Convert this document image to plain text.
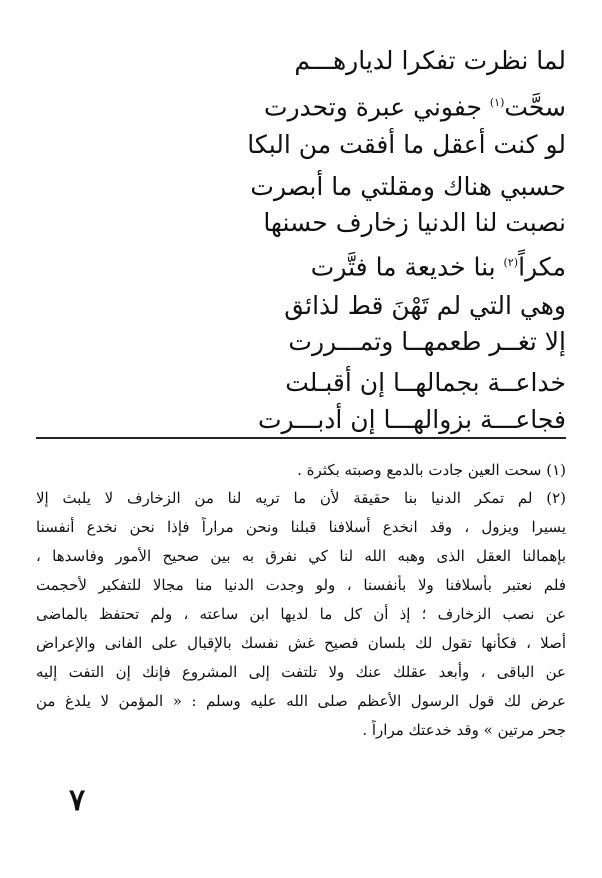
لما نظرت تفكرا لديارهـــم
سحَّت$^{(١)}$ جفوني عبرة وتحدرت
لو كنت أعقل ما أفقت من البكا
حسبي هناك ومقلتي ما أبصرت
نصبت لنا الدنيا زخارف حسنها
مكراً$^{(٢)}$ بنا خديعة ما فتَّرت
وهي التي لم تَهْنَ قط لذائق
إلا تغــر طعمهــا وتمـــررت
خداعــة بجمالهــا إن أقبـلت
فجاعـــة بزوالهـــا إن أدبـــرت
(١) سحت العين جادت بالدمع وصبته بكثرة .
(٢) لم تمكر الدنيا بنا حقيقة لأن ما تريه لنا من الزخارف لا يلبث إلا
يسيرا ويزول ، وقد انخدع أسلافنا قبلنا ونحن مراراً فإذا نحن نخدع أنفسنا
بإهمالنا العقل الذى وهبه الله لنا كي نفرق به بين صحيح الأمور وفاسدها ،
فلم نعتبر بأسلافنا ولا بأنفسنا ، ولو وجدت الدنيا منا مجالا للتفكير لأحجمت
عن نصب الزخارف ؛ إذ أن كل ما لديها ابن ساعته ، ولم تحتفظ بالماضى
أصلا ، فكأنها تقول لك بلسان فصيح غش نفسك بالإقبال على الفانى والإعراض
عن الباقى ، وأبعد عقلك عنك ولا تلتفت إلى المشروع فإنك إن التفت إليه
عرض لك قول الرسول الأعظم صلى الله عليه وسلم : « المؤمن لا يلدغ من
جحر مرتين » وقد خدعتك مراراً .
٧
